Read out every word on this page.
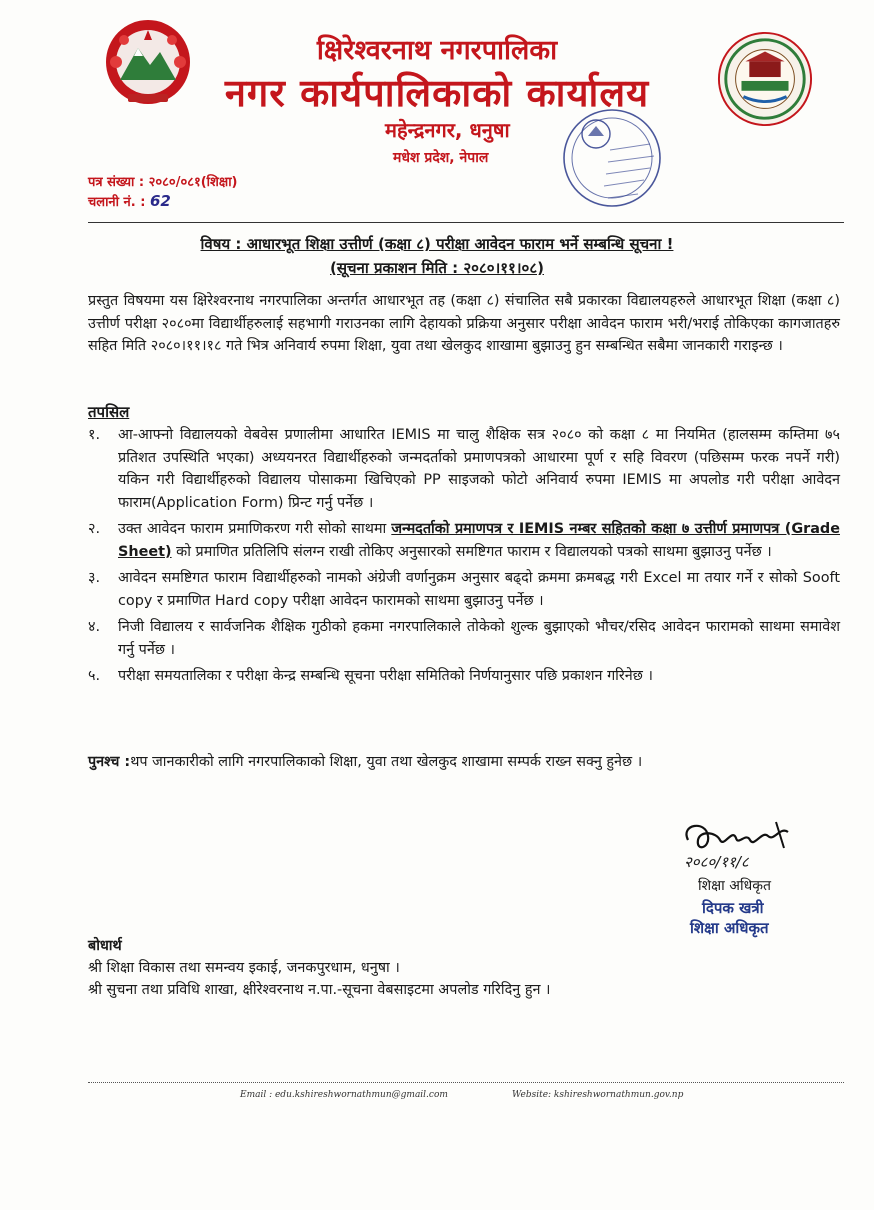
क्षिरेश्वरनाथ नगरपालिका
नगर कार्यपालिकाको कार्यालय
महेन्द्रनगर, धनुषा
मधेश प्रदेश, नेपाल
पत्र संख्या : २०८०/०८१(शिक्षा)
चलानी नं. : 62
विषय : आधारभूत शिक्षा उत्तीर्ण (कक्षा ८) परीक्षा आवेदन फाराम भर्ने सम्बन्धि सूचना !
(सूचना प्रकाशन मिति : २०८०।११।०८)
प्रस्तुत विषयमा यस क्षिरेश्वरनाथ नगरपालिका अन्तर्गत आधारभूत तह (कक्षा ८) संचालित सबै प्रकारका विद्यालयहरुले आधारभूत शिक्षा (कक्षा ८) उत्तीर्ण परीक्षा २०८०मा विद्यार्थीहरुलाई सहभागी गराउनका लागि देहायको प्रक्रिया अनुसार परीक्षा आवेदन फाराम भरी/भराई तोकिएका कागजातहरु सहित मिति २०८०।११।१८ गते भित्र अनिवार्य रुपमा शिक्षा, युवा तथा खेलकुद शाखामा बुझाउनु हुन सम्बन्धित सबैमा जानकारी गराइन्छ ।
तपसिल
१.	आ-आफ्नो विद्यालयको वेबवेस प्रणालीमा आधारित IEMIS मा चालु शैक्षिक सत्र २०८० को कक्षा ८ मा नियमित (हालसम्म कम्तिमा ७५ प्रतिशत उपस्थिति भएका) अध्ययनरत विद्यार्थीहरुको जन्मदर्ताको प्रमाणपत्रको आधारमा पूर्ण र सहि विवरण (पछिसम्म फरक नपर्ने गरी) यकिन गरी विद्यार्थीहरुको विद्यालय पोसाकमा खिचिएको PP साइजको फोटो अनिवार्य रुपमा IEMIS मा अपलोड गरी परीक्षा आवेदन फाराम(Application Form) प्रिन्ट गर्नु पर्नेछ ।
२.	उक्त आवेदन फाराम प्रमाणिकरण गरी सोको साथमा जन्मदर्ताको प्रमाणपत्र र IEMIS नम्बर सहितको कक्षा ७ उत्तीर्ण प्रमाणपत्र (Grade Sheet) को प्रमाणित प्रतिलिपि संलग्न राखी तोकिए अनुसारको समष्टिगत फाराम र विद्यालयको पत्रको साथमा बुझाउनु पर्नेछ ।
३.	आवेदन समष्टिगत फाराम विद्यार्थीहरुको नामको अंग्रेजी वर्णानुक्रम अनुसार बढ्दो क्रममा क्रमबद्ध गरी Excel मा तयार गर्ने र सोको Sooft copy र प्रमाणित Hard copy परीक्षा आवेदन फारामको साथमा बुझाउनु पर्नेछ ।
४.	निजी विद्यालय र सार्वजनिक शैक्षिक गुठीको हकमा नगरपालिकाले तोकेको शुल्क बुझाएको भौचर/रसिद आवेदन फारामको साथमा समावेश गर्नु पर्नेछ ।
५.	परीक्षा समयतालिका र परीक्षा केन्द्र सम्बन्धि सूचना परीक्षा समितिको निर्णयानुसार पछि प्रकाशन गरिनेछ ।
पुनश्च :थप जानकारीको लागि नगरपालिकाको शिक्षा, युवा तथा खेलकुद शाखामा सम्पर्क राख्न सक्नु हुनेछ ।
२०८०/११/८
शिक्षा अधिकृत
दिपक खत्री
शिक्षा अधिकृत
बोधार्थ
श्री शिक्षा विकास तथा समन्वय इकाई, जनकपुरधाम, धनुषा ।
श्री सुचना तथा प्रविधि शाखा, क्षीरेश्वरनाथ न.पा.-सूचना वेबसाइटमा अपलोड गरिदिनु हुन ।
Email : edu.kshireshwornathmun@gmail.com	Website: kshireshwornathmun.gov.np
